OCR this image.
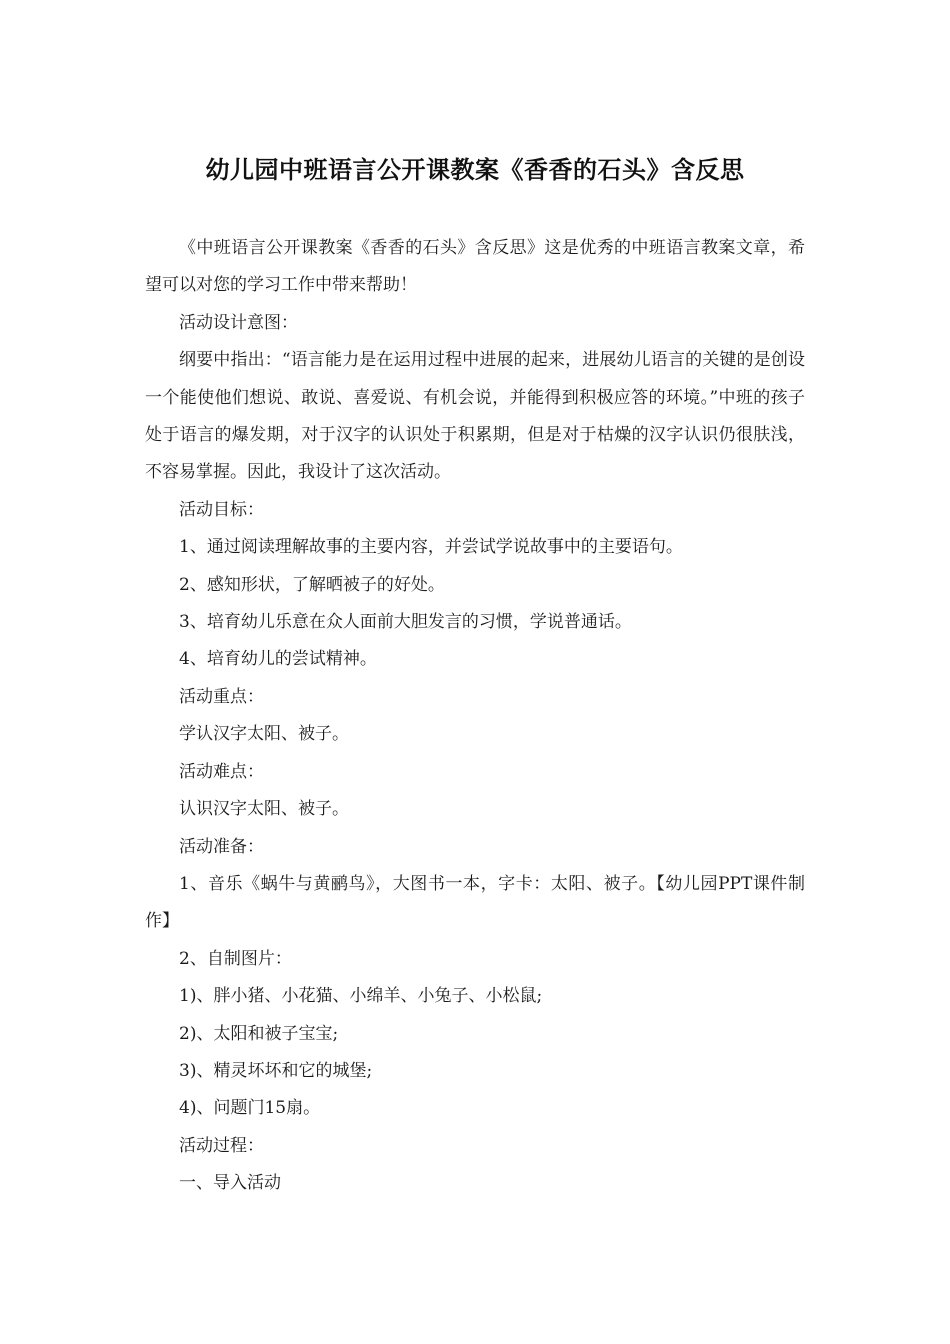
幼儿园中班语言公开课教案《香香的石头》含反思

《中班语言公开课教案《香香的石头》含反思》这是优秀的中班语言教案文章，希望可以对您的学习工作中带来帮助！

活动设计意图：

纲要中指出：“语言能力是在运用过程中进展的起来，进展幼儿语言的关键的是创设一个能使他们想说、敢说、喜爱说、有机会说，并能得到积极应答的环境。”中班的孩子处于语言的爆发期，对于汉字的认识处于积累期，但是对于枯燥的汉字认识仍很肤浅，不容易掌握。因此，我设计了这次活动。

活动目标：

1、通过阅读理解故事的主要内容，并尝试学说故事中的主要语句。

2、感知形状，了解晒被子的好处。

3、培育幼儿乐意在众人面前大胆发言的习惯，学说普通话。

4、培育幼儿的尝试精神。

活动重点：

学认汉字太阳、被子。

活动难点：

认识汉字太阳、被子。

活动准备：

1、音乐《蜗牛与黄鹂鸟》，大图书一本，字卡：太阳、被子。【幼儿园PPT课件制作】

2、自制图片：

1)、胖小猪、小花猫、小绵羊、小兔子、小松鼠;

2)、太阳和被子宝宝;

3)、精灵坏坏和它的城堡;

4)、问题门15扇。

活动过程：

一、导入活动
